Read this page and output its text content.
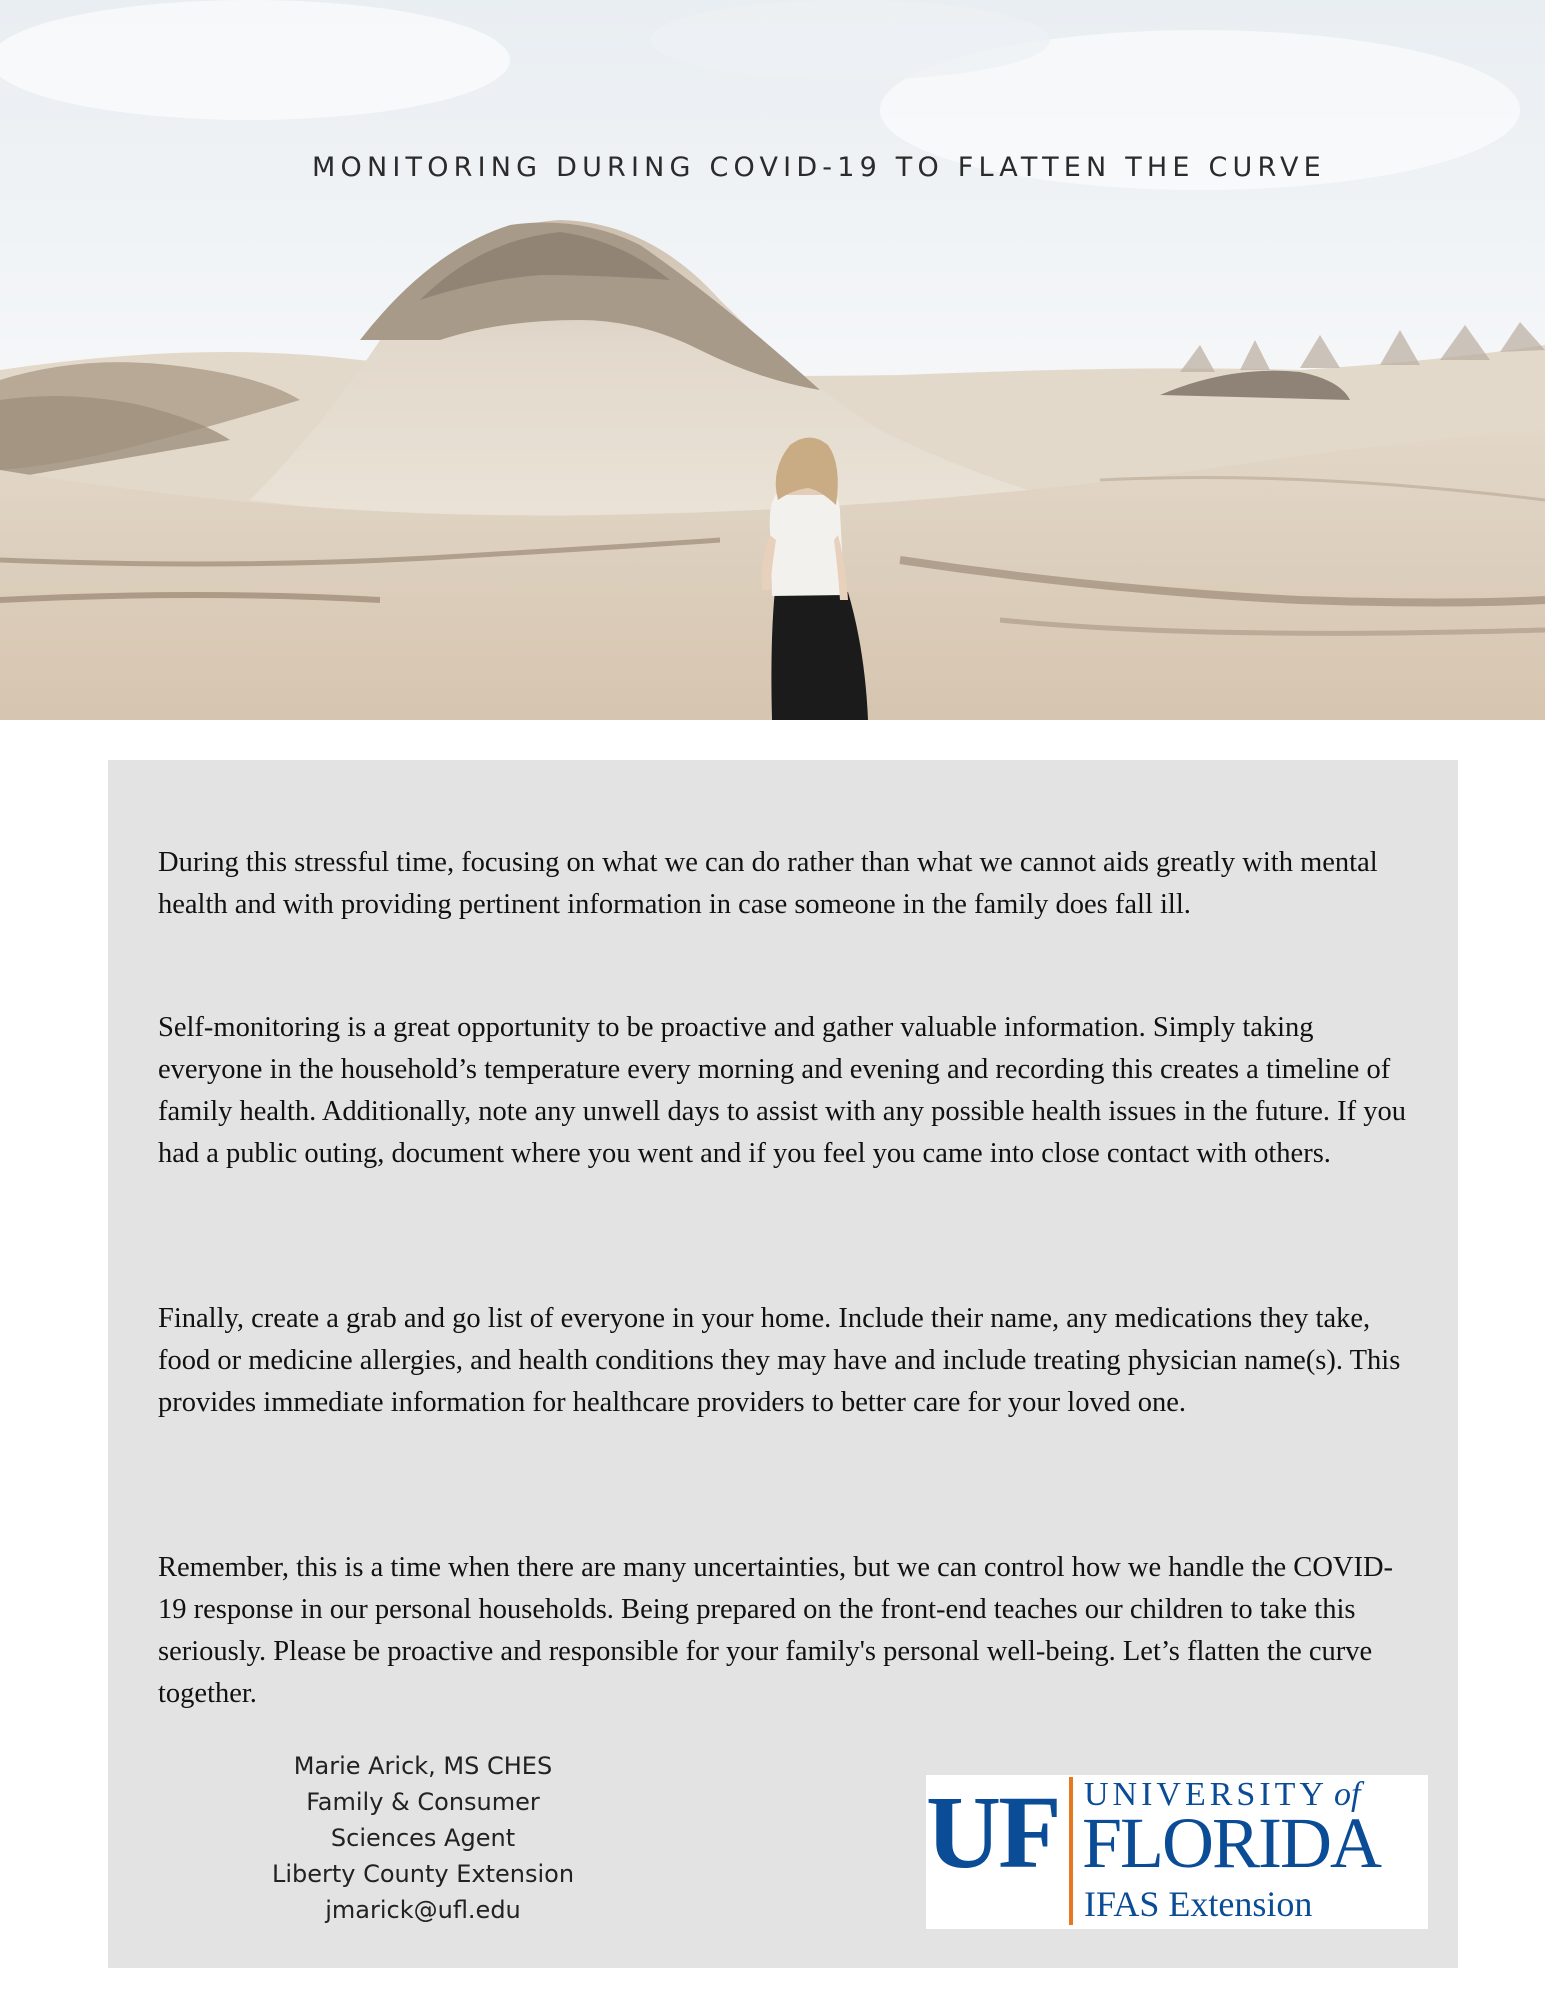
MONITORING DURING COVID-19 TO FLATTEN THE CURVE

During this stressful time, focusing on what we can do rather than what we cannot aids greatly with mental health and with providing pertinent information in case someone in the family does fall ill.

Self-monitoring is a great opportunity to be proactive and gather valuable information. Simply taking everyone in the household’s temperature every morning and evening and recording this creates a timeline of family health. Additionally, note any unwell days to assist with any possible health issues in the future. If you had a public outing, document where you went and if you feel you came into close contact with others.

Finally, create a grab and go list of everyone in your home. Include their name, any medications they take, food or medicine allergies, and health conditions they may have and include treating physician name(s). This provides immediate information for healthcare providers to better care for your loved one.

Remember, this is a time when there are many uncertainties, but we can control how we handle the COVID-19 response in our personal households. Being prepared on the front-end teaches our children to take this seriously. Please be proactive and responsible for your family's personal well-being. Let’s flatten the curve together.

Marie Arick, MS CHES
Family & Consumer
Sciences Agent
Liberty County Extension
jmarick@ufl.edu
UF UNIVERSITY of
FLORIDA
IFAS Extension
